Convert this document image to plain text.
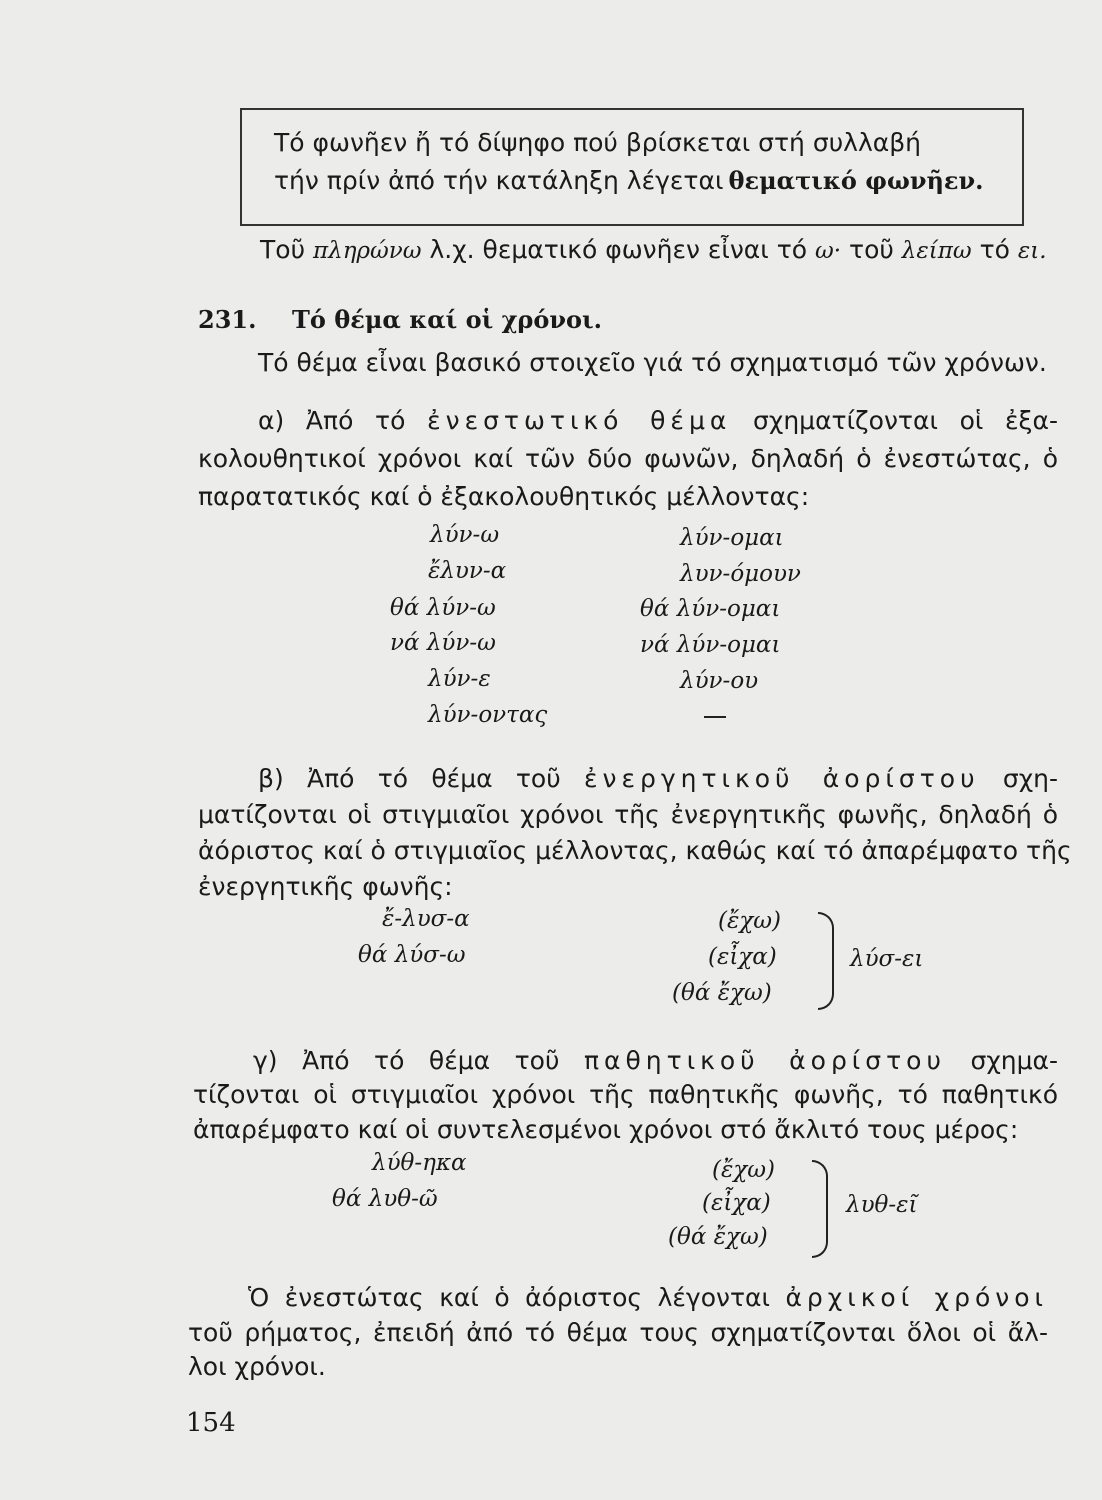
Τό φωνῆεν ἤ τό δίψηφο πού βρίσκεται στή συλλαβή
τήν πρίν ἀπό τήν κατάληξη λέγεται θεματικό φωνῆεν.
Τοῦ πληρώνω λ.χ. θεματικό φωνῆεν εἶναι τό ω· τοῦ λείπω τό ει.
231. Τό θέμα καί οἱ χρόνοι.
Τό θέμα εἶναι βασικό στοιχεῖο γιά τό σχηματισμό τῶν χρόνων.
α) Ἀπό τό ἐνεστωτικό θέμα σχηματίζονται οἱ ἐξα-
κολουθητικοί χρόνοι καί τῶν δύο φωνῶν, δηλαδή ὁ ἐνεστώτας, ὁ
παρατατικός καί ὁ ἐξακολουθητικός μέλλοντας:
λύν-ω
ἔλυν-α
θά λύν-ω
νά λύν-ω
λύν-ε
λύν-οντας
λύν-ομαι
λυν-όμουν
θά λύν-ομαι
νά λύν-ομαι
λύν-ου
β) Ἀπό τό θέμα τοῦ ἐνεργητικοῦ ἀορίστου σχη-
ματίζονται οἱ στιγμιαῖοι χρόνοι τῆς ἐνεργητικῆς φωνῆς, δηλαδή ὁ
ἀόριστος καί ὁ στιγμιαῖος μέλλοντας, καθώς καί τό ἀπαρέμφατο τῆς
ἐνεργητικῆς φωνῆς:
ἔ-λυσ-α
θά λύσ-ω
(ἔχω)
(εἶχα)
(θά ἔχω)
λύσ-ει
γ) Ἀπό τό θέμα τοῦ παθητικοῦ ἀορίστου σχημα-
τίζονται οἱ στιγμιαῖοι χρόνοι τῆς παθητικῆς φωνῆς, τό παθητικό
ἀπαρέμφατο καί οἱ συντελεσμένοι χρόνοι στό ἄκλιτό τους μέρος:
λύθ-ηκα
θά λυθ-ῶ
(ἔχω)
(εἶχα)
(θά ἔχω)
λυθ-εῖ
Ὁ ἐνεστώτας καί ὁ ἀόριστος λέγονται ἀρχικοί χρόνοι
τοῦ ρήματος, ἐπειδή ἀπό τό θέμα τους σχηματίζονται ὅλοι οἱ ἄλ-
λοι χρόνοι.
154
